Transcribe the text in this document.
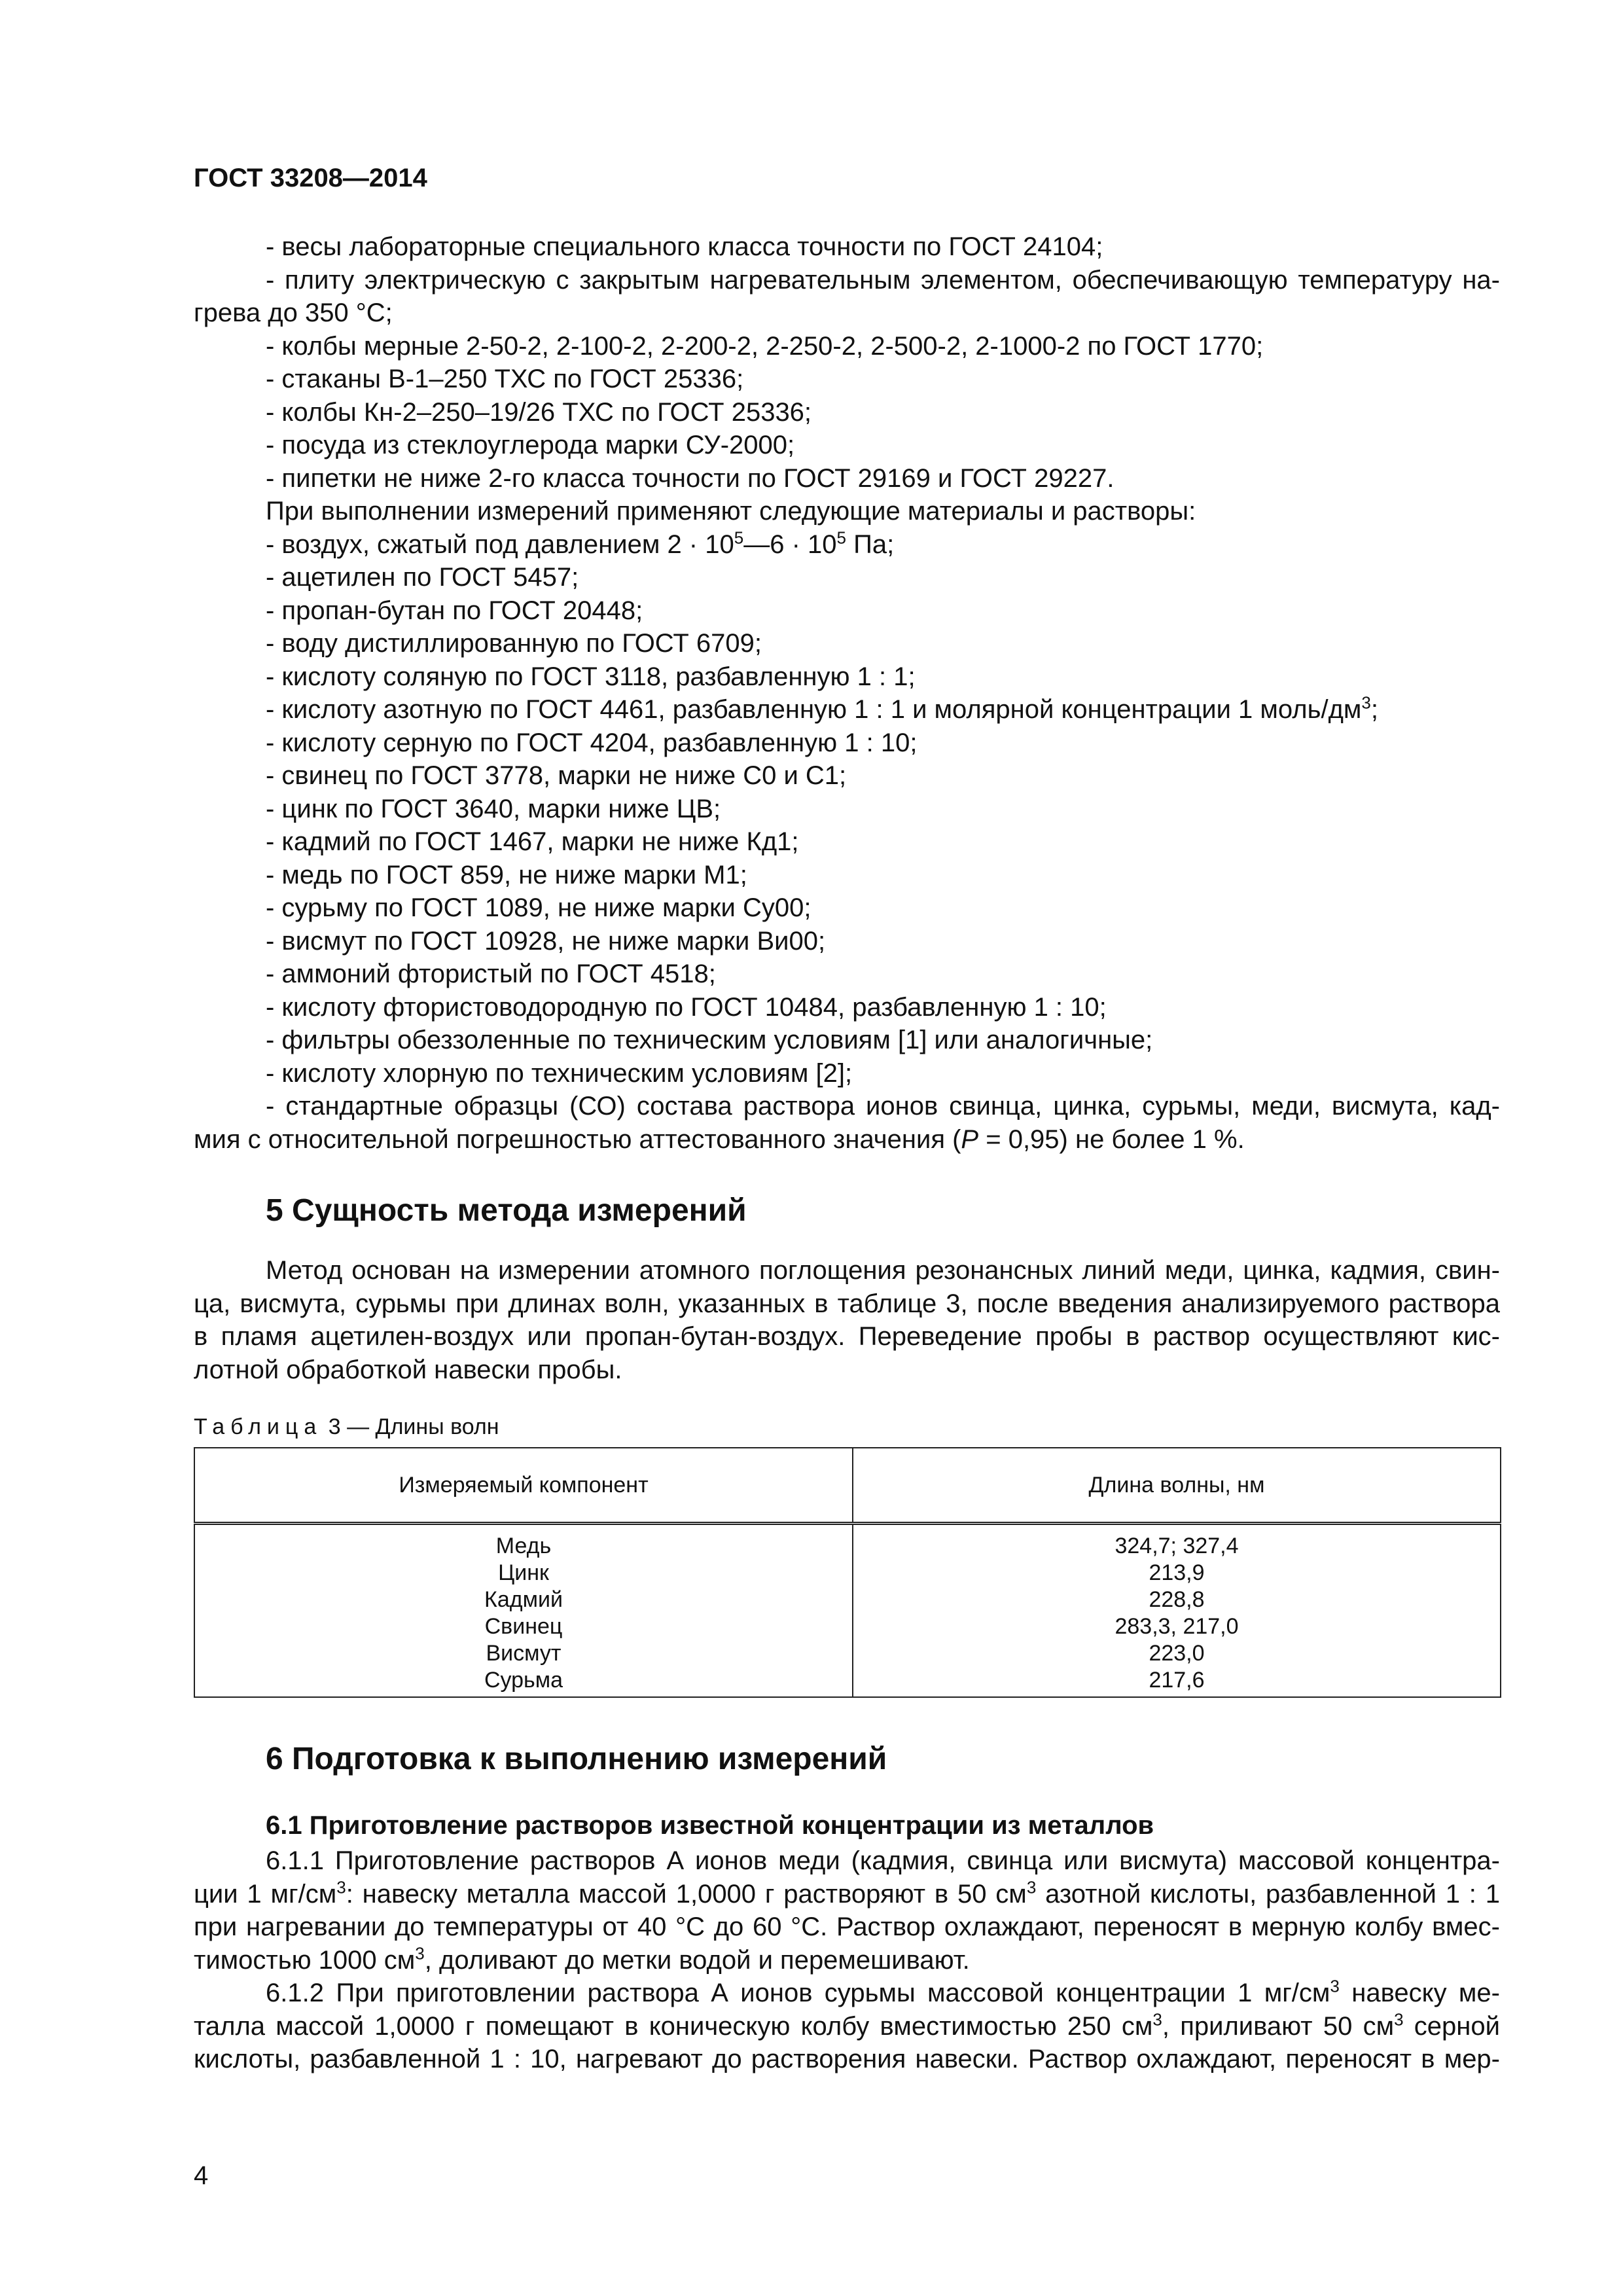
ГОСТ 33208—2014
- весы лабораторные специального класса точности по ГОСТ 24104;
- плиту электрическую с закрытым нагревательным элементом, обеспечивающую температуру на-
грева до 350 °С;
- колбы мерные 2-50-2, 2-100-2, 2-200-2, 2-250-2, 2-500-2, 2-1000-2 по ГОСТ 1770;
- стаканы В-1–250 ТХС по ГОСТ 25336;
- колбы Кн-2–250–19/26 ТХС по ГОСТ 25336;
- посуда из стеклоуглерода марки СУ-2000;
- пипетки не ниже 2-го класса точности по ГОСТ 29169 и ГОСТ 29227.
При выполнении измерений применяют следующие материалы и растворы:
- воздух, сжатый под давлением $2 \cdot 10^5—6 \cdot 10^5$ Па;
- ацетилен по ГОСТ 5457;
- пропан-бутан по ГОСТ 20448;
- воду дистиллированную по ГОСТ 6709;
- кислоту соляную по ГОСТ 3118, разбавленную 1 : 1;
- кислоту азотную по ГОСТ 4461, разбавленную 1 : 1 и молярной концентрации 1 моль/$дм^3$;
- кислоту серную по ГОСТ 4204, разбавленную 1 : 10;
- свинец по ГОСТ 3778, марки не ниже С0 и С1;
- цинк по ГОСТ 3640, марки ниже ЦВ;
- кадмий по ГОСТ 1467, марки не ниже Кд1;
- медь по ГОСТ 859, не ниже марки М1;
- сурьму по ГОСТ 1089, не ниже марки Су00;
- висмут по ГОСТ 10928, не ниже марки Ви00;
- аммоний фтористый по ГОСТ 4518;
- кислоту фтористоводородную по ГОСТ 10484, разбавленную 1 : 10;
- фильтры обеззоленные по техническим условиям [1] или аналогичные;
- кислоту хлорную по техническим условиям [2];
- стандартные образцы (СО) состава раствора ионов свинца, цинка, сурьмы, меди, висмута, кад-
мия с относительной погрешностью аттестованного значения (P = 0,95) не более 1 %.
5 Сущность метода измерений
Метод основан на измерении атомного поглощения резонансных линий меди, цинка, кадмия, свин-
ца, висмута, сурьмы при длинах волн, указанных в таблице 3, после введения анализируемого раствора
в пламя ацетилен-воздух или пропан-бутан-воздух. Переведение пробы в раствор осуществляют кис-
лотной обработкой навески пробы.
Таблица 3 — Длины волн
Измеряемый компонент	Длина волны, нм
Медь	324,7; 327,4
Цинк	213,9
Кадмий	228,8
Свинец	283,3, 217,0
Висмут	223,0
Сурьма	217,6
6 Подготовка к выполнению измерений
6.1 Приготовление растворов известной концентрации из металлов
6.1.1 Приготовление растворов А ионов меди (кадмия, свинца или висмута) массовой концентра-
ции 1 $мг/см^3$: навеску металла массой 1,0000 г растворяют в 50 $см^3$ азотной кислоты, разбавленной 1 : 1
при нагревании до температуры от 40 °С до 60 °С. Раствор охлаждают, переносят в мерную колбу вмес-
тимостью 1000 $см^3$, доливают до метки водой и перемешивают.
6.1.2 При приготовлении раствора А ионов сурьмы массовой концентрации 1 $мг/см^3$ навеску ме-
талла массой 1,0000 г помещают в коническую колбу вместимостью 250 $см^3$, приливают 50 $см^3$ серной
кислоты, разбавленной 1 : 10, нагревают до растворения навески. Раствор охлаждают, переносят в мер-
4
